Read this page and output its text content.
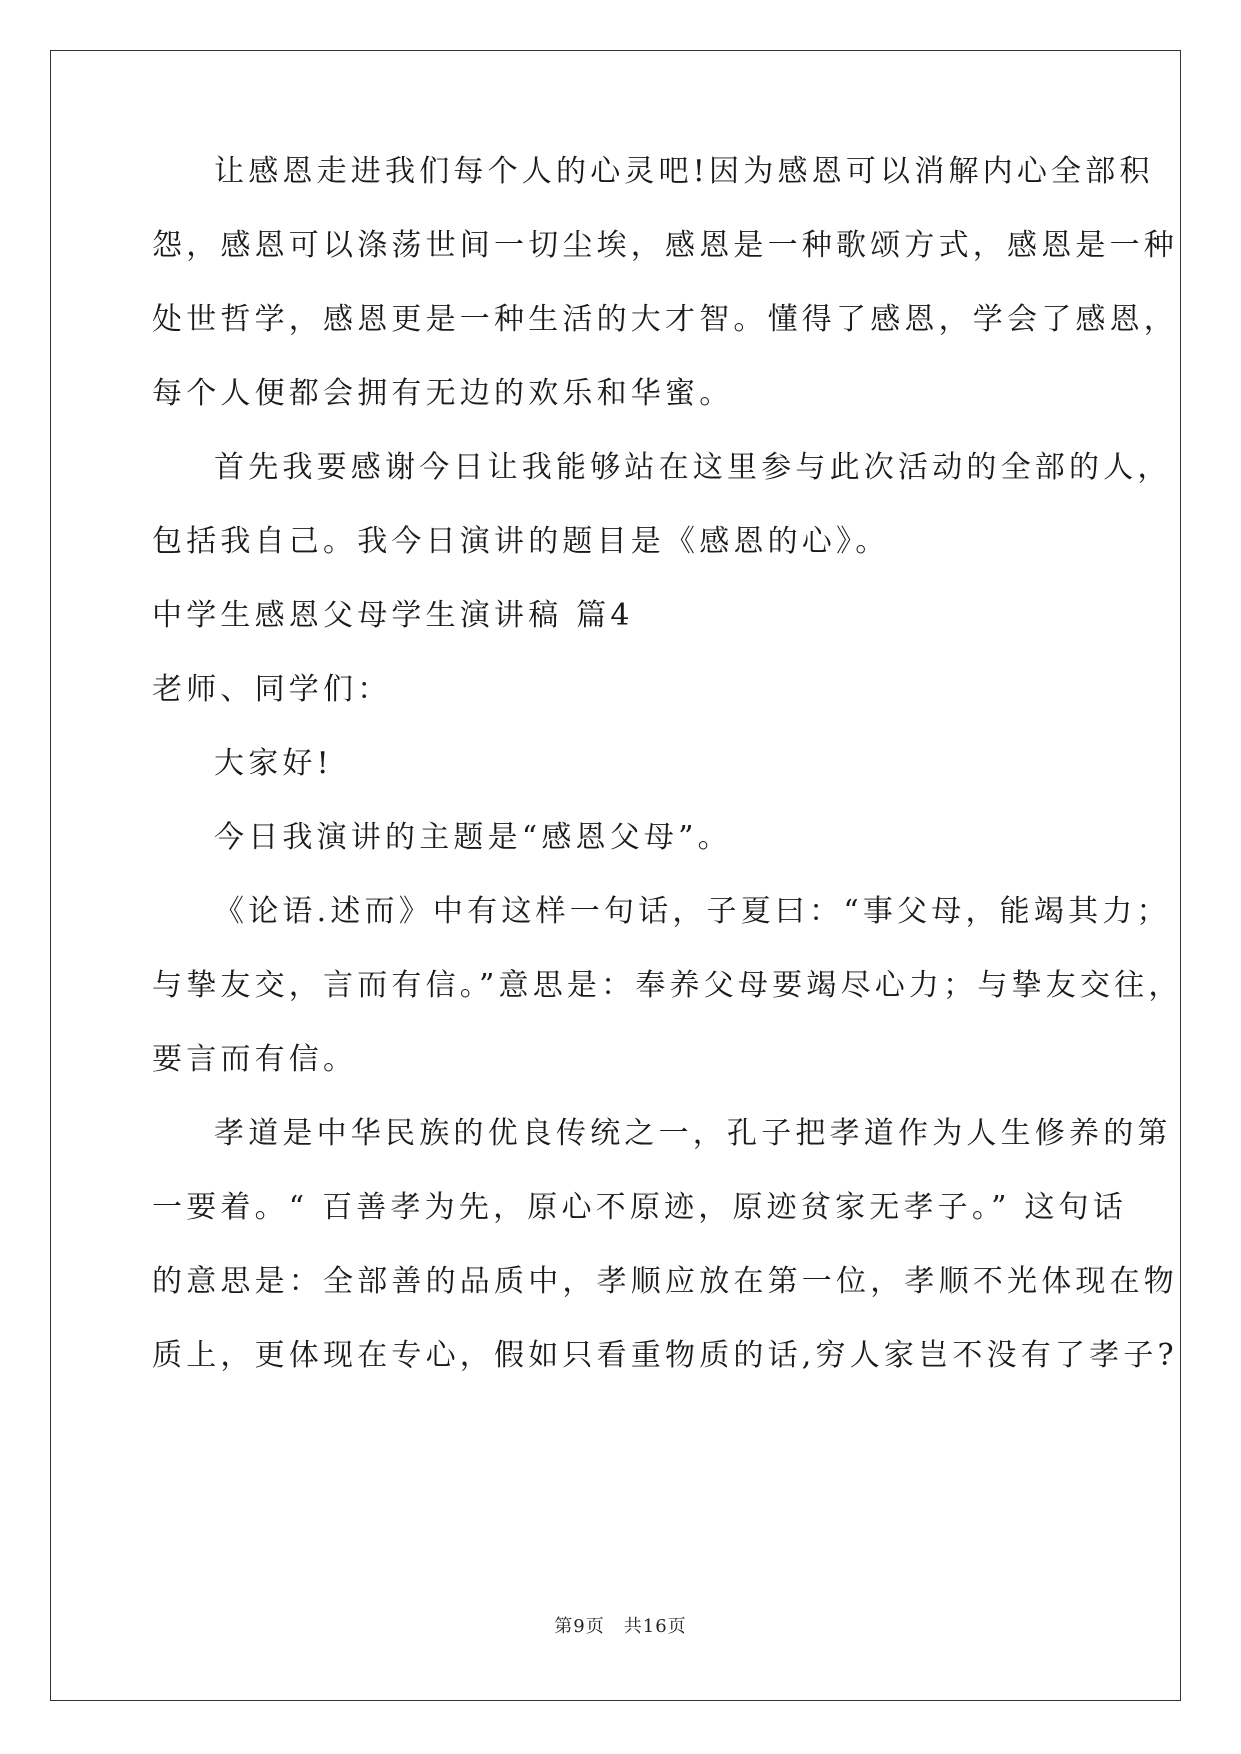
让感恩走进我们每个人的心灵吧!因为感恩可以消解内心全部积
怨，感恩可以涤荡世间一切尘埃，感恩是一种歌颂方式，感恩是一种
处世哲学，感恩更是一种生活的大才智。懂得了感恩，学会了感恩，
每个人便都会拥有无边的欢乐和华蜜。
首先我要感谢今日让我能够站在这里参与此次活动的全部的人，
包括我自己。我今日演讲的题目是《感恩的心》。
中学生感恩父母学生演讲稿 篇4
老师、同学们：
大家好!
今日我演讲的主题是“感恩父母”。
《论语.述而》中有这样一句话，子夏曰：“事父母，能竭其力；
与挚友交，言而有信。”意思是：奉养父母要竭尽心力；与挚友交往，
要言而有信。
孝道是中华民族的优良传统之一，孔子把孝道作为人生修养的第
一要着。“ 百善孝为先，原心不原迹，原迹贫家无孝子。” 这句话
的意思是：全部善的品质中，孝顺应放在第一位，孝顺不光体现在物
质上，更体现在专心，假如只看重物质的话,穷人家岂不没有了孝子?
第9页　共16页
